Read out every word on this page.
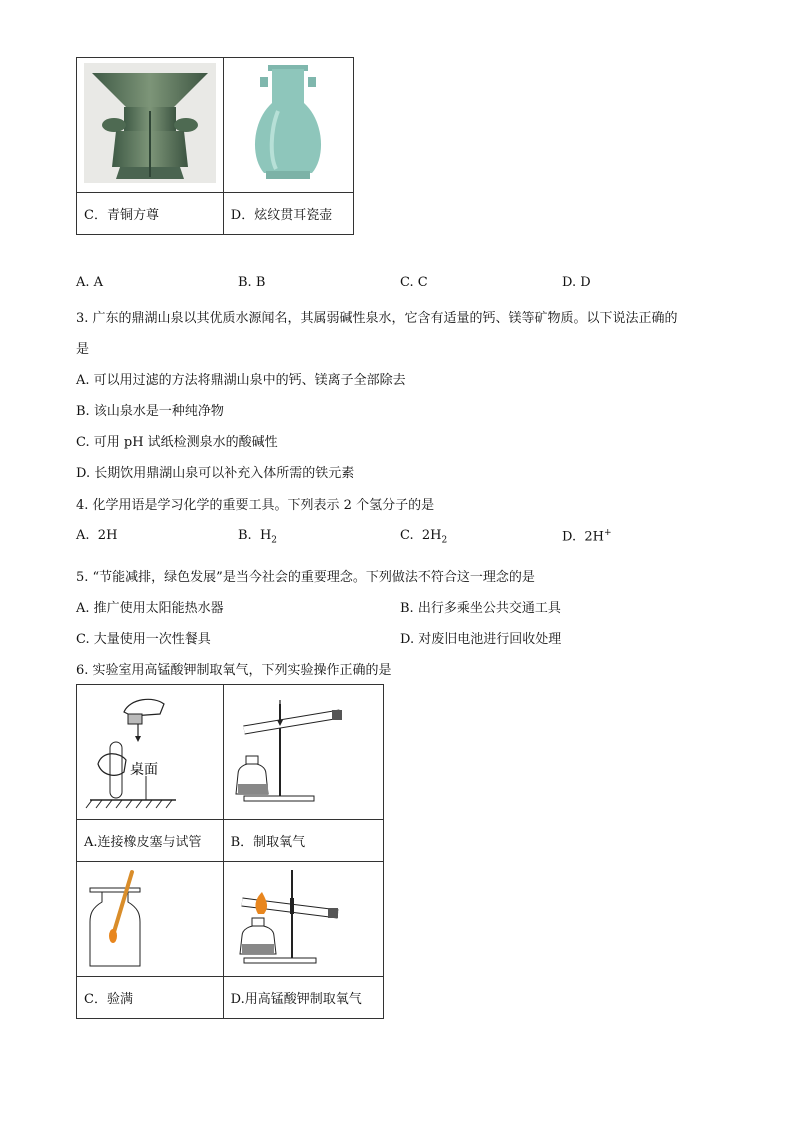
C．青铜方尊	D．炫纹贯耳瓷壶
A. A	B. B	C. C	D. D
3. 广东的鼎湖山泉以其优质水源闻名，其属弱碱性泉水，它含有适量的钙、镁等矿物质。以下说法正确的
是
A. 可以用过滤的方法将鼎湖山泉中的钙、镁离子全部除去
B. 该山泉水是一种纯净物
C. 可用 pH 试纸检测泉水的酸碱性
D. 长期饮用鼎湖山泉可以补充入体所需的铁元素
4. 化学用语是学习化学的重要工具。下列表示 2 个氢分子的是
A. 2H	B. $H_2$	C. $2H_2$	D. 2H+
5. “节能减排，绿色发展”是当今社会的重要理念。下列做法不符合这一理念的是
A. 推广使用太阳能热水器	B. 出行多乘坐公共交通工具
C. 大量使用一次性餐具	D. 对废旧电池进行回收处理
6. 实验室用高锰酸钾制取氧气，下列实验操作正确的是
桌面

A.连接橡皮塞与试管	B．制取氧气

C．验满	D.用高锰酸钾制取氧气
